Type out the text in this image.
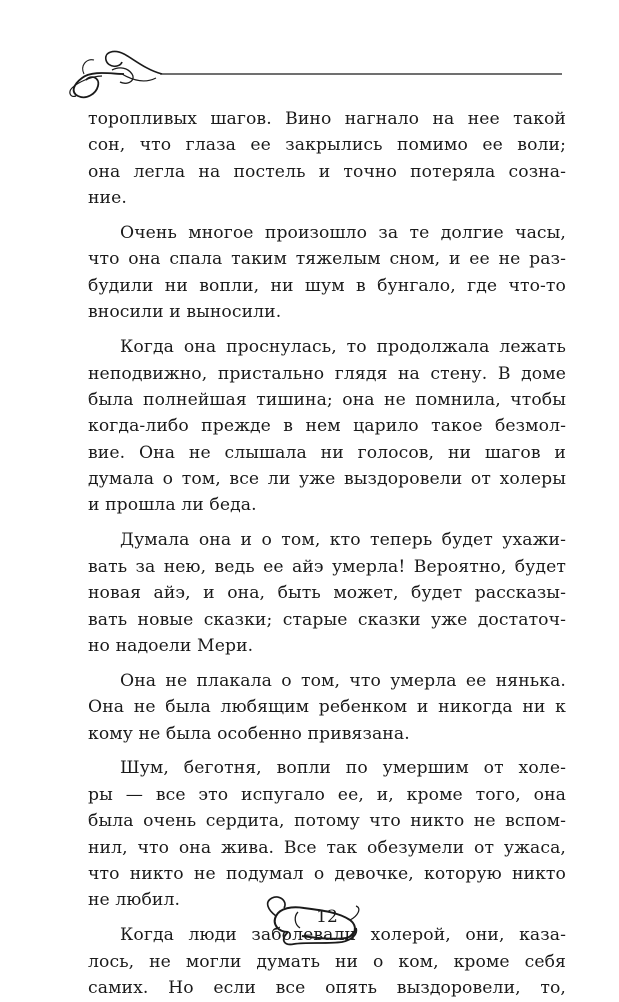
торопливых шагов. Вино нагнало на нее такой
сон, что глаза ее закрылись помимо ее воли;
она легла на постель и точно потеряла созна-
ние.
Очень многое произошло за те долгие часы,
что она спала таким тяжелым сном, и ее не раз-
будили ни вопли, ни шум в бунгало, где что-то
вносили и выносили.
Когда она проснулась, то продолжала лежать
неподвижно, пристально глядя на стену. В доме
была полнейшая тишина; она не помнила, чтобы
когда-либо прежде в нем царило такое безмол-
вие. Она не слышала ни голосов, ни шагов и
думала о том, все ли уже выздоровели от холеры
и прошла ли беда.
Думала она и о том, кто теперь будет ухажи-
вать за нею, ведь ее айэ умерла! Вероятно, будет
новая айэ, и она, быть может, будет рассказы-
вать новые сказки; старые сказки уже достаточ-
но надоели Мери.
Она не плакала о том, что умерла ее нянька.
Она не была любящим ребенком и никогда ни к
кому не была особенно привязана.
Шум, беготня, вопли по умершим от холе-
ры — все это испугало ее, и, кроме того, она
была очень сердита, потому что никто не вспом-
нил, что она жива. Все так обезумели от ужаса,
что никто не подумал о девочке, которую никто
не любил.
Когда люди заболевали холерой, они, каза-
лось, не могли думать ни о ком, кроме себя
самих. Но если все опять выздоровели, то,
12
